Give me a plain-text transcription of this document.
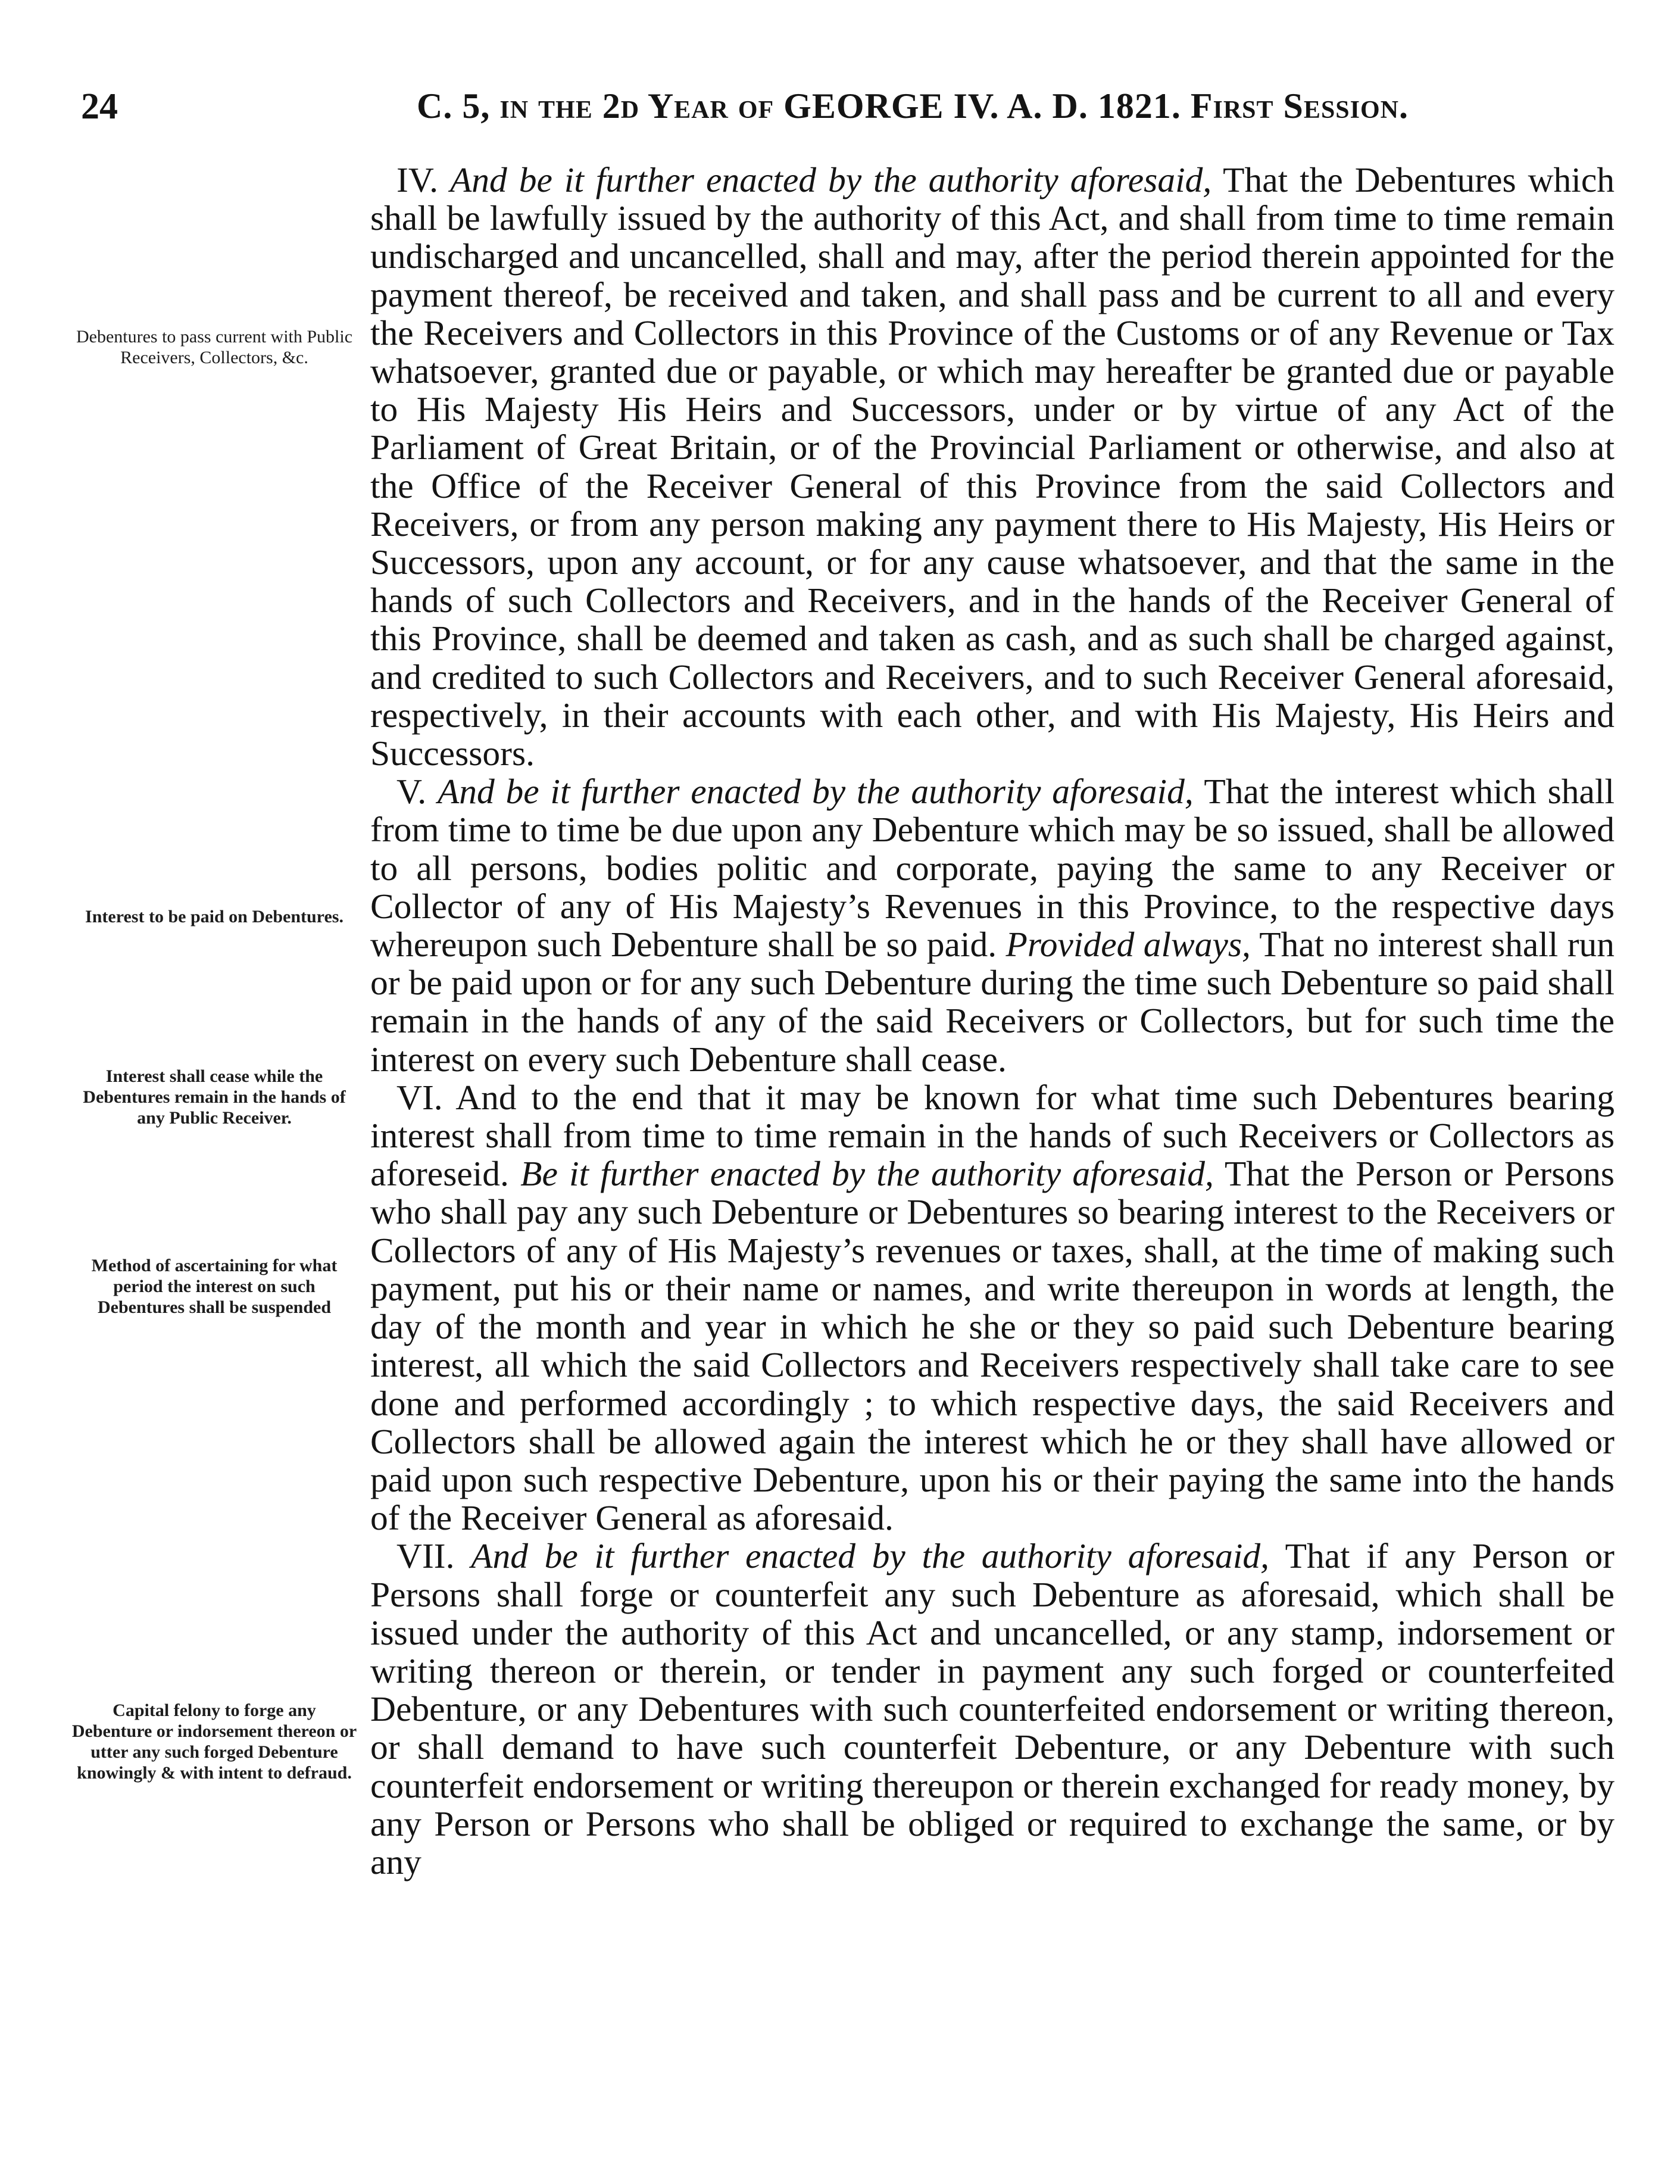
24	C. 5, in the 2d Year of GEORGE IV. A. D. 1821. First Session.
Debentures to pass current with Public Receivers, Collectors, &c.
Interest to be paid on Debentures.
Interest shall cease while the Debentures remain in the hands of any Public Receiver.
Method of ascertaining for what period the interest on such Debentures shall be suspended
Capital felony to forge any Debenture or indorsement thereon or utter any such forged Debenture knowingly & with intent to defraud.

IV. And be it further enacted by the authority aforesaid, That the Debentures which shall be lawfully issued by the authority of this Act, and shall from time to time remain undischarged and uncancelled, shall and may, after the period therein appointed for the payment thereof, be received and taken, and shall pass and be current to all and every the Receivers and Collectors in this Province of the Customs or of any Revenue or Tax whatsoever, granted due or payable, or which may hereafter be granted due or payable to His Majesty His Heirs and Successors, under or by virtue of any Act of the Parliament of Great Britain, or of the Provincial Parliament or otherwise, and also at the Office of the Receiver General of this Province from the said Collectors and Receivers, or from any person making any payment there to His Majesty, His Heirs or Successors, upon any account, or for any cause whatsoever, and that the same in the hands of such Collectors and Receivers, and in the hands of the Receiver General of this Province, shall be deemed and taken as cash, and as such shall be charged against, and credited to such Collectors and Receivers, and to such Receiver General aforesaid, respectively, in their accounts with each other, and with His Majesty, His Heirs and Successors.

V. And be it further enacted by the authority aforesaid, That the interest which shall from time to time be due upon any Debenture which may be so issued, shall be allowed to all persons, bodies politic and corporate, paying the same to any Receiver or Collector of any of His Majesty’s Revenues in this Province, to the respective days whereupon such Debenture shall be so paid. Provided always, That no interest shall run or be paid upon or for any such Debenture during the time such Debenture so paid shall remain in the hands of any of the said Receivers or Collectors, but for such time the interest on every such Debenture shall cease.

VI. And to the end that it may be known for what time such Debentures bearing interest shall from time to time remain in the hands of such Receivers or Collectors as aforeseid. Be it further enacted by the authority aforesaid, That the Person or Persons who shall pay any such Debenture or Debentures so bearing interest to the Receivers or Collectors of any of His Majesty’s revenues or taxes, shall, at the time of making such payment, put his or their name or names, and write thereupon in words at length, the day of the month and year in which he she or they so paid such Debenture bearing interest, all which the said Collectors and Receivers respectively shall take care to see done and performed accordingly ; to which respective days, the said Receivers and Collectors shall be allowed again the interest which he or they shall have allowed or paid upon such respective Debenture, upon his or their paying the same into the hands of the Receiver General as aforesaid.

VII. And be it further enacted by the authority aforesaid, That if any Person or Persons shall forge or counterfeit any such Debenture as aforesaid, which shall be issued under the authority of this Act and uncancelled, or any stamp, indorsement or writing thereon or therein, or tender in payment any such forged or counterfeited Debenture, or any Debentures with such counterfeited endorsement or writing thereon, or shall demand to have such counterfeit Debenture, or any Debenture with such counterfeit endorsement or writing thereupon or therein exchanged for ready money, by any Person or Persons who shall be obliged or required to exchange the same, or by any
